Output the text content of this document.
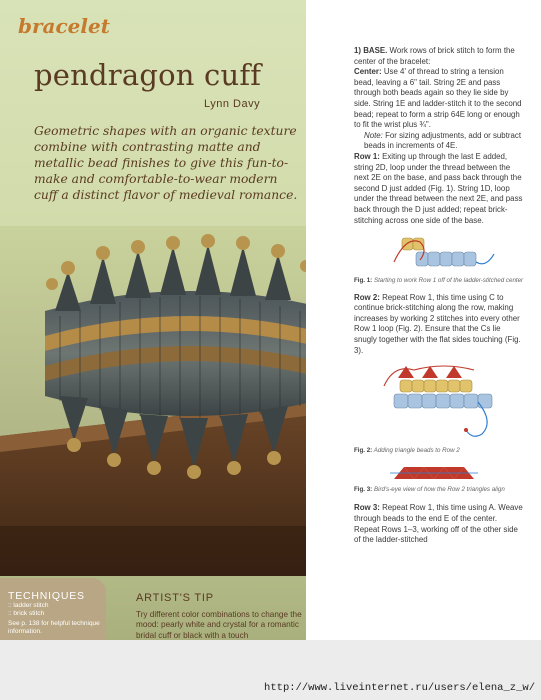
bracelet
pendragon cuff
Lynn Davy
Geometric shapes with an organic texture combine with contrasting matte and metallic bead finishes to give this fun-to-make and comfortable-to-wear modern cuff a distinct flavor of medieval romance.
TECHNIQUES
:: ladder stitch
:: brick stitch
See p. 138 for helpful technique information.
ARTIST'S TIP
Try different color combinations to change the mood: pearly white and crystal for a romantic bridal cuff or black with a touch

1) BASE. Work rows of brick stitch to form the center of the bracelet:

Center: Use 4' of thread to string a tension bead, leaving a 6" tail. String 2E and pass through both beads again so they lie side by side. String 1E and ladder-stitch it to the second bead; repeat to form a strip 64E long or enough to fit the wrist plus ¾".

Note: For sizing adjustments, add or subtract beads in increments of 4E.

Row 1: Exiting up through the last E added, string 2D, loop under the thread between the next 2E on the base, and pass back through the second D just added (Fig. 1). String 1D, loop under the thread between the next 2E, and pass back through the D just added; repeat brick-stitching across one side of the base.

Fig. 1: Starting to work Row 1 off of the ladder-stitched center

Row 2: Repeat Row 1, this time using C to continue brick-stitching along the row, making increases by working 2 stitches into every other Row 1 loop (Fig. 2). Ensure that the Cs lie snugly together with the flat sides touching (Fig. 3).

Fig. 2: Adding triangle beads to Row 2

Fig. 3: Bird's-eye view of how the Row 2 triangles align

Row 3: Repeat Row 1, this time using A. Weave through beads to the end E of the center. Repeat Rows 1–3, working off of the other side of the ladder-stitched

http://www.liveinternet.ru/users/elena_z_w/
